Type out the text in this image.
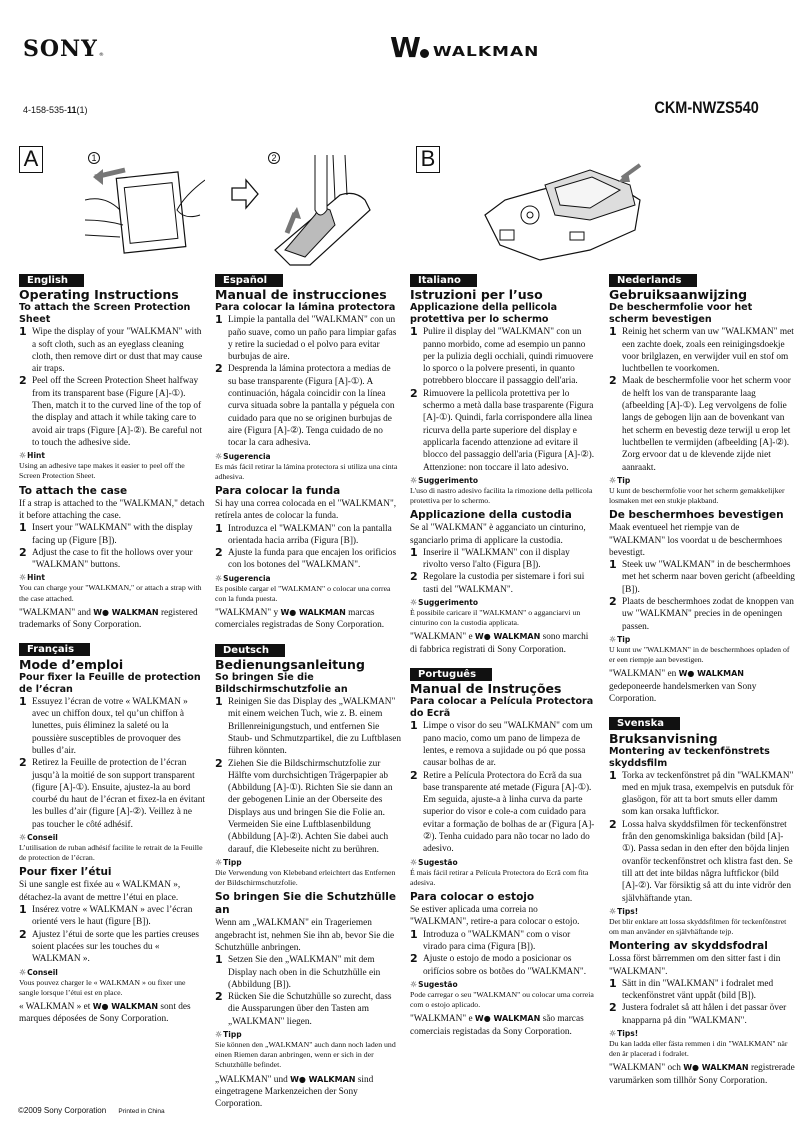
SONY®	W WALKMAN
4-158-535-11(1)	CKM-NWZS540
A	1	2	B
English
Operating Instructions
To attach the Screen Protection Sheet
1 Wipe the display of your "WALKMAN" with a soft cloth, such as an eyeglass cleaning cloth, then remove dirt or dust that may cause air traps.
2 Peel off the Screen Protection Sheet halfway from its transparent base (Figure [A]-①). Then, match it to the curved line of the top of the display and attach it while taking care to avoid air traps (Figure [A]-②). Be careful not to touch the adhesive side.
☼Hint
Using an adhesive tape makes it easier to peel off the Screen Protection Sheet.
To attach the case
If a strap is attached to the "WALKMAN," detach it before attaching the case.
1 Insert your "WALKMAN" with the display facing up (Figure [B]).
2 Adjust the case to fit the hollows over your "WALKMAN" buttons.
☼Hint
You can charge your "WALKMAN," or attach a strap with the case attached.
"WALKMAN" and W● WALKMAN registered trademarks of Sony Corporation.
Français
Mode d’emploi
Pour fixer la Feuille de protection de l’écran
1 Essuyez l’écran de votre « WALKMAN » avec un chiffon doux, tel qu’un chiffon à lunettes, puis éliminez la saleté ou la poussière susceptibles de provoquer des bulles d’air.
2 Retirez la Feuille de protection de l’écran jusqu’à la moitié de son support transparent (figure [A]-①). Ensuite, ajustez-la au bord courbé du haut de l’écran et fixez-la en évitant les bulles d’air (figure [A]-②). Veillez à ne pas toucher le côté adhésif.
☼Conseil
L’utilisation de ruban adhésif facilite le retrait de la Feuille de protection de l’écran.
Pour fixer l’étui
Si une sangle est fixée au « WALKMAN », détachez-la avant de mettre l’étui en place.
1 Insérez votre « WALKMAN » avec l’écran orienté vers le haut (figure [B]).
2 Ajustez l’étui de sorte que les parties creuses soient placées sur les touches du « WALKMAN ».
☼Conseil
Vous pouvez charger le « WALKMAN » ou fixer une sangle lorsque l’étui est en place.
« WALKMAN » et W● WALKMAN sont des marques déposées de Sony Corporation.
Español
Manual de instrucciones
Para colocar la lámina protectora
1 Limpie la pantalla del "WALKMAN" con un paño suave, como un paño para limpiar gafas y retire la suciedad o el polvo para evitar burbujas de aire.
2 Desprenda la lámina protectora a medias de su base transparente (Figura [A]-①). A continuación, hágala coincidir con la línea curva situada sobre la pantalla y péguela con cuidado para que no se originen burbujas de aire (Figura [A]-②). Tenga cuidado de no tocar la cara adhesiva.
☼Sugerencia
Es más fácil retirar la lámina protectora si utiliza una cinta adhesiva.
Para colocar la funda
Si hay una correa colocada en el "WALKMAN", retírela antes de colocar la funda.
1 Introduzca el "WALKMAN" con la pantalla orientada hacia arriba (Figura [B]).
2 Ajuste la funda para que encajen los orificios con los botones del "WALKMAN".
☼Sugerencia
Es posible cargar el "WALKMAN" o colocar una correa con la funda puesta.
"WALKMAN" y W● WALKMAN marcas comerciales registradas de Sony Corporation.
Deutsch
Bedienungsanleitung
So bringen Sie die Bildschirmschutzfolie an
1 Reinigen Sie das Display des „WALKMAN" mit einem weichen Tuch, wie z. B. einem Brillenreinigungstuch, und entfernen Sie Staub- und Schmutzpartikel, die zu Luftblasen führen könnten.
2 Ziehen Sie die Bildschirmschutzfolie zur Hälfte vom durchsichtigen Trägerpapier ab (Abbildung [A]-①). Richten Sie sie dann an der gebogenen Linie an der Oberseite des Displays aus und bringen Sie die Folie an. Vermeiden Sie eine Luftblasenbildung (Abbildung [A]-②). Achten Sie dabei auch darauf, die Klebeseite nicht zu berühren.
☼Tipp
Die Verwendung von Klebeband erleichtert das Entfernen der Bildschirmschutzfolie.
So bringen Sie die Schutzhülle an
Wenn am „WALKMAN" ein Trageriemen angebracht ist, nehmen Sie ihn ab, bevor Sie die Schutzhülle anbringen.
1 Setzen Sie den „WALKMAN" mit dem Display nach oben in die Schutzhülle ein (Abbildung [B]).
2 Rücken Sie die Schutzhülle so zurecht, dass die Aussparungen über den Tasten am „WALKMAN" liegen.
☼Tipp
Sie können den „WALKMAN" auch dann noch laden und einen Riemen daran anbringen, wenn er sich in der Schutzhülle befindet.
„WALKMAN" und W● WALKMAN sind eingetragene Markenzeichen der Sony Corporation.
Italiano
Istruzioni per l’uso
Applicazione della pellicola protettiva per lo schermo
1 Pulire il display del "WALKMAN" con un panno morbido, come ad esempio un panno per la pulizia degli occhiali, quindi rimuovere lo sporco o la polvere presenti, in quanto potrebbero bloccare il passaggio dell'aria.
2 Rimuovere la pellicola protettiva per lo schermo a metà dalla base trasparente (Figura [A]-①). Quindi, farla corrispondere alla linea ricurva della parte superiore del display e applicarla facendo attenzione ad evitare il blocco del passaggio dell'aria (Figura [A]-②). Attenzione: non toccare il lato adesivo.
☼Suggerimento
L'uso di nastro adesivo facilita la rimozione della pellicola protettiva per lo schermo.
Applicazione della custodia
Se al "WALKMAN" è agganciato un cinturino, sganciarlo prima di applicare la custodia.
1 Inserire il "WALKMAN" con il display rivolto verso l'alto (Figura [B]).
2 Regolare la custodia per sistemare i fori sui tasti del "WALKMAN".
☼Suggerimento
È possibile caricare il "WALKMAN" o agganciarvi un cinturino con la custodia applicata.
"WALKMAN" e W● WALKMAN sono marchi di fabbrica registrati di Sony Corporation.
Português
Manual de Instruções
Para colocar a Película Protectora do Ecrã
1 Limpe o visor do seu "WALKMAN" com um pano macio, como um pano de limpeza de lentes, e remova a sujidade ou pó que possa causar bolhas de ar.
2 Retire a Película Protectora do Ecrã da sua base transparente até metade (Figura [A]-①). Em seguida, ajuste-a à linha curva da parte superior do visor e cole-a com cuidado para evitar a formação de bolhas de ar (Figura [A]-②). Tenha cuidado para não tocar no lado do adesivo.
☼Sugestão
É mais fácil retirar a Película Protectora do Ecrã com fita adesiva.
Para colocar o estojo
Se estiver aplicada uma correia no "WALKMAN", retire-a para colocar o estojo.
1 Introduza o "WALKMAN" com o visor virado para cima (Figura [B]).
2 Ajuste o estojo de modo a posicionar os orifícios sobre os botões do "WALKMAN".
☼Sugestão
Pode carregar o seu "WALKMAN" ou colocar uma correia com o estojo aplicado.
"WALKMAN" e W● WALKMAN são marcas comerciais registadas da Sony Corporation.
Nederlands
Gebruiksaanwijzing
De beschermfolie voor het scherm bevestigen
1 Reinig het scherm van uw "WALKMAN" met een zachte doek, zoals een reinigingsdoekje voor brilglazen, en verwijder vuil en stof om luchtbellen te voorkomen.
2 Maak de beschermfolie voor het scherm voor de helft los van de transparante laag (afbeelding [A]-①). Leg vervolgens de folie langs de gebogen lijn aan de bovenkant van het scherm en bevestig deze terwijl u erop let luchtbellen te vermijden (afbeelding [A]-②). Zorg ervoor dat u de klevende zijde niet aanraakt.
☼Tip
U kunt de beschermfolie voor het scherm gemakkelijker losmaken met een stukje plakband.
De beschermhoes bevestigen
Maak eventueel het riempje van de "WALKMAN" los voordat u de beschermhoes bevestigt.
1 Steek uw "WALKMAN" in de beschermhoes met het scherm naar boven gericht (afbeelding [B]).
2 Plaats de beschermhoes zodat de knoppen van uw "WALKMAN" precies in de openingen passen.
☼Tip
U kunt uw "WALKMAN" in de beschermhoes opladen of er een riempje aan bevestigen.
"WALKMAN" en W● WALKMAN gedeponeerde handelsmerken van Sony Corporation.
Svenska
Bruksanvisning
Montering av teckenfönstrets skyddsfilm
1 Torka av teckenfönstret på din "WALKMAN" med en mjuk trasa, exempelvis en putsduk för glasögon, för att ta bort smuts eller damm som kan orsaka luftfickor.
2 Lossa halva skyddsfilmen för teckenfönstret från den genomskinliga baksidan (bild [A]-①). Passa sedan in den efter den böjda linjen ovanför teckenfönstret och klistra fast den. Se till att det inte bildas några luftfickor (bild [A]-②). Var försiktig så att du inte vidrör den självhäftande ytan.
☼Tips!
Det blir enklare att lossa skyddsfilmen för teckenfönstret om man använder en självhäftande tejp.
Montering av skyddsfodral
Lossa först bärremmen om den sitter fast i din "WALKMAN".
1 Sätt in din "WALKMAN" i fodralet med teckenfönstret vänt uppåt (bild [B]).
2 Justera fodralet så att hålen i det passar över knapparna på din "WALKMAN".
☼Tips!
Du kan ladda eller fästa remmen i din "WALKMAN" när den är placerad i fodralet.
"WALKMAN" och W● WALKMAN registrerade varumärken som tillhör Sony Corporation.
©2009 Sony Corporation Printed in China
